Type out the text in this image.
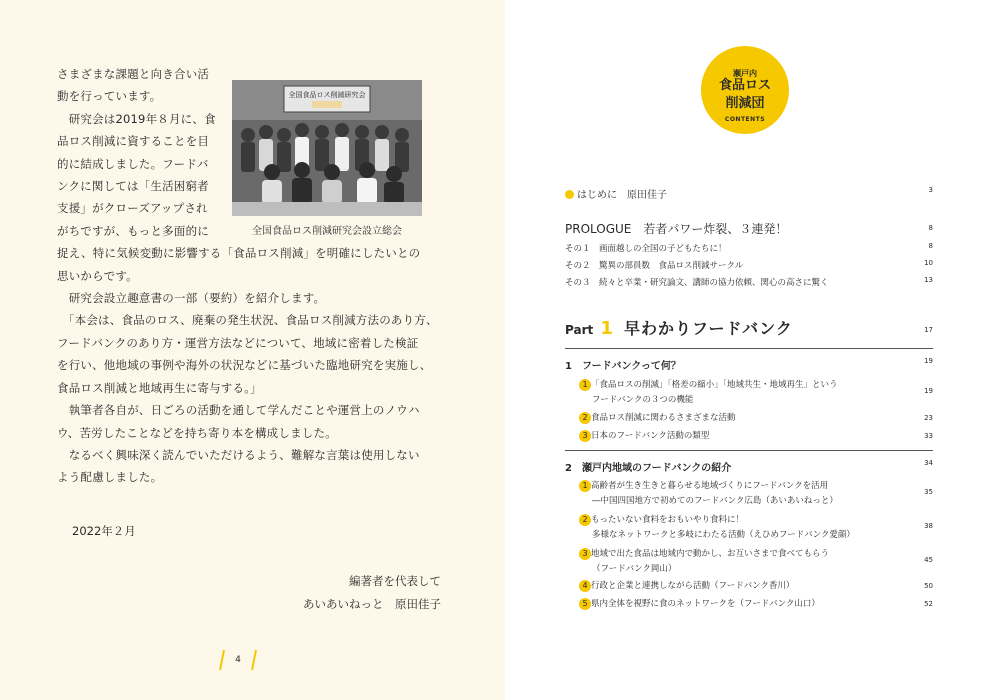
さまざまな課題と向き合い活

動を行っています。

　研究会は2019年８月に、食

品ロス削減に資することを目

的に結成しました。フードバ

ンクに関しては「生活困窮者

支援」がクローズアップされ

がちですが、もっと多面的に

捉え、特に気候変動に影響する「食品ロス削減」を明確にしたいとの

思いからです。

　研究会設立趣意書の一部（要約）を紹介します。

　「本会は、食品のロス、廃棄の発生状況、食品ロス削減方法のあり方、

フードバンクのあり方・運営方法などについて、地域に密着した検証

を行い、他地域の事例や海外の状況などに基づいた臨地研究を実施し、

食品ロス削減と地域再生に寄与する。」

　執筆者各自が、日ごろの活動を通して学んだことや運営上のノウハ

ウ、苦労したことなどを持ち寄り本を構成しました。

　なるべく興味深く読んでいただけるよう、難解な言葉は使用しない

よう配慮しました。

全国食品ロス削減研究会
全国食品ロス削減研究会設立総会
2022年２月
編著者を代表して
あいあいねっと　原田佳子
4
瀬戸内
食品ロス
削減団
CONTENTS
はじめに　原田佳子	3
PROLOGUE　若者パワー炸裂、３連発！	8
その１　画面越しの全国の子どもたちに！	8
その２　驚異の部員数　食品ロス削減サークル	10
その３　続々と卒業・研究論文、講師の協力依頼、関心の高さに驚く	13
Part 1 早わかりフードバンク	17
1　 フードバンクって何？	19
1 「食品ロスの削減」「格差の縮小」「地域共生・地域再生」という
フードバンクの３つの機能
19
2 食品ロス削減に関わるさまざまな活動	23
3 日本のフードバンク活動の類型	33
2　 瀬戸内地域のフードバンクの紹介	34
1 高齢者が生き生きと暮らせる地域づくりにフードバンクを活用
―中国四国地方で初めてのフードバンク広島（あいあいねっと）
35
2 もったいない食料をおもいやり食料に！
多様なネットワークと多岐にわたる活動（えひめフードバンク愛顔）
38
3 地域で出た食品は地域内で動かし、お互いさまで食べてもらう
（フードバンク岡山）
45
4 行政と企業と連携しながら活動（フードバンク香川）	50
5 県内全体を視野に食のネットワークを（フードバンク山口）	52
